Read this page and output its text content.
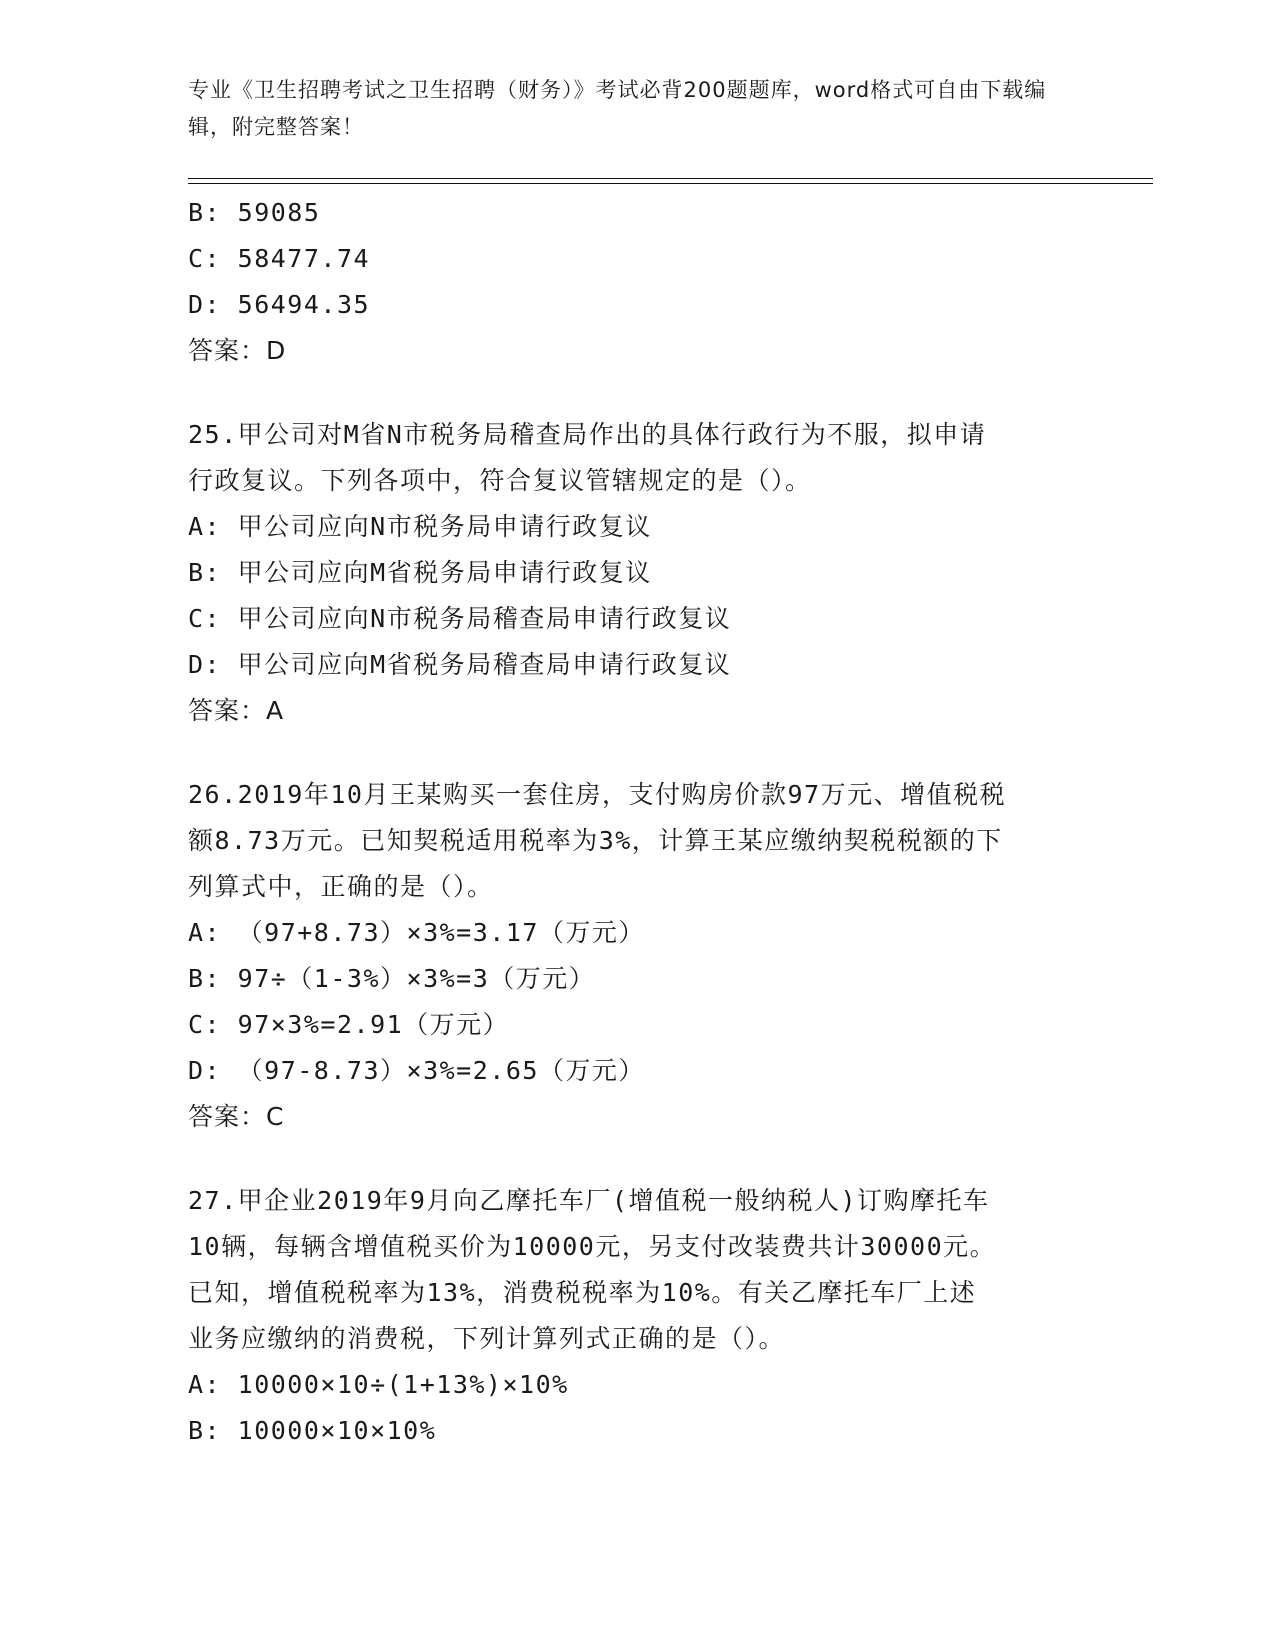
专业《卫生招聘考试之卫生招聘（财务）》考试必背200题题库，word格式可自由下载编辑，附完整答案！
B: 59085
C: 58477.74
D: 56494.35
答案：D
25.甲公司对M省N市税务局稽查局作出的具体行政行为不服，拟申请
行政复议。下列各项中，符合复议管辖规定的是（）。
A: 甲公司应向N市税务局申请行政复议
B: 甲公司应向M省税务局申请行政复议
C: 甲公司应向N市税务局稽查局申请行政复议
D: 甲公司应向M省税务局稽查局申请行政复议
答案：A
26.2019年10月王某购买一套住房，支付购房价款97万元、增值税税
额8.73万元。已知契税适用税率为3%，计算王某应缴纳契税税额的下
列算式中，正确的是（）。
A: （97+8.73）×3%=3.17（万元）
B: 97÷（1-3%）×3%=3（万元）
C: 97×3%=2.91（万元）
D: （97-8.73）×3%=2.65（万元）
答案：C
27.甲企业2019年9月向乙摩托车厂(增值税一般纳税人)订购摩托车
10辆，每辆含增值税买价为10000元，另支付改装费共计30000元。
已知，增值税税率为13%，消费税税率为10%。有关乙摩托车厂上述
业务应缴纳的消费税，下列计算列式正确的是（）。
A: 10000×10÷(1+13%)×10%
B: 10000×10×10%
